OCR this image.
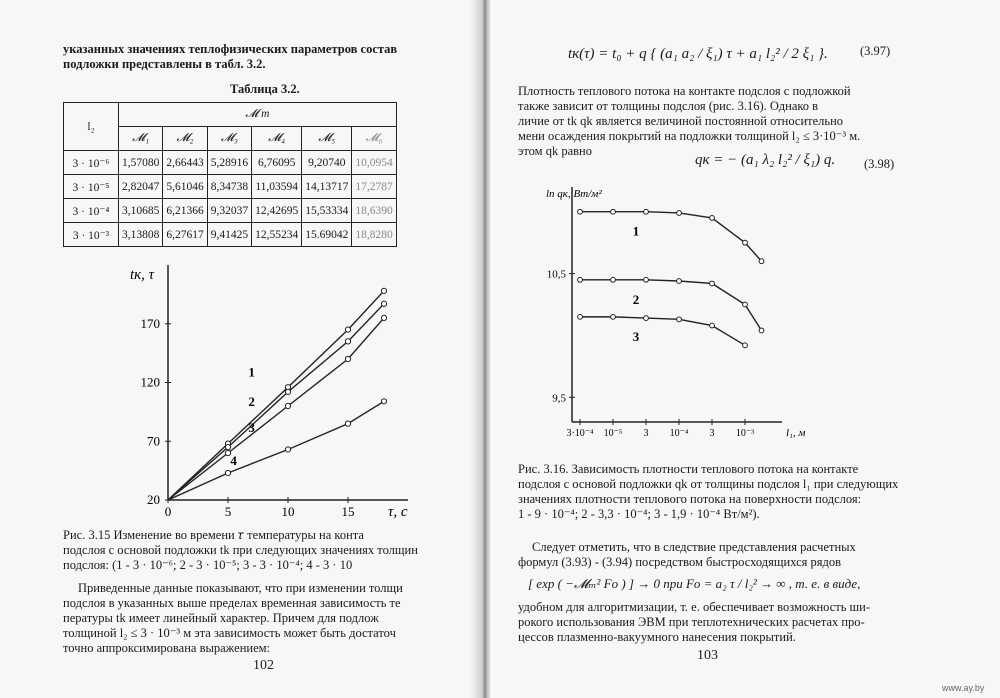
указанных значениях теплофизических параметров состав
подложки представлены в табл. 3.2.
Таблица 3.2.
l₂	𝓜 m					
	𝓜₁	𝓜₂	𝓜₃	𝓜₄	𝓜₅	𝓜₆
3 · 10⁻⁶	1,57080	2,66443	5,28916	6,76095	9,20740	10,0954
3 · 10⁻⁵	2,82047	5,61046	8,34738	11,03594	14,13717	17,2787
3 · 10⁻⁴	3,10685	6,21366	9,32037	12,42695	15,53334	18,6390
3 · 10⁻³	3,13808	6,27617	9,41425	12,55234	15.69042	18,8280
0	5	10	15
20
70
120
170
tк, τ
τ, c
1
2
3
4
Рис. 3.15 Изменение во времени 𝜏 температуры на конта
подслоя с основой подложки tk при следующих значениях толщин
подслоя: (1 - 3 · 10⁻⁶; 2 - 3 · 10⁻⁵; 3 - 3 · 10⁻⁴; 4 - 3 · 10
Приведенные данные показывают, что при изменении толщи
подслоя в указанных выше пределах временная зависимость те
пературы tk имеет линейный характер. Причем для подлож
толщиной l₂ ≤ 3 · 10⁻³ м эта зависимость может быть достаточ
точно аппроксимирована выражением:
102
tк(τ) = t₀ + q { (a₁ a₂ / ξ₁) τ + a₁ l₂² / 2 ξ₁ }.	(3.97)
Плотность теплового потока на контакте подслоя с подложкой
также зависит от толщины подслоя (рис. 3.16). Однако в
личие от tk qk является величиной постоянной относительно
мени осаждения покрытий на подложки толщиной l₂ ≤ 3·10⁻³ м.
этом qk равно
qк = − (a₁ λ₂ l₂² / ξ₁) q. (3.98)
3·10⁻⁴ 10⁻⁵ 3 10⁻⁴ 3 10⁻³
9,5
10,5
ln qк, Вт/м²
l₁, м
1
2
3
Рис. 3.16. Зависимость плотности теплового потока на контакте
подслоя с основой подложки qk от толщины подслоя l₁ при следующих
значениях плотности теплового потока на поверхности подслоя:
1 - 9 · 10⁻⁴; 2 - 3,3 · 10⁻⁴; 3 - 1,9 · 10⁻⁴ Вт/м²).
Следует отметить, что в следствие представления расчетных
формул (3.93) - (3.94) посредством быстросходящихся рядов
[ exp ( −𝓜ₘ² Fo ) ] → 0 при Fo = a₂ τ / l₂² → ∞ , т. е. в виде,
удобном для алгоритмизации, т. е. обеспечивает возможность ши-
рокого использования ЭВМ при теплотехнических расчетах про-
цессов плазменно-вакуумного нанесения покрытий.
103
www.ay.by
